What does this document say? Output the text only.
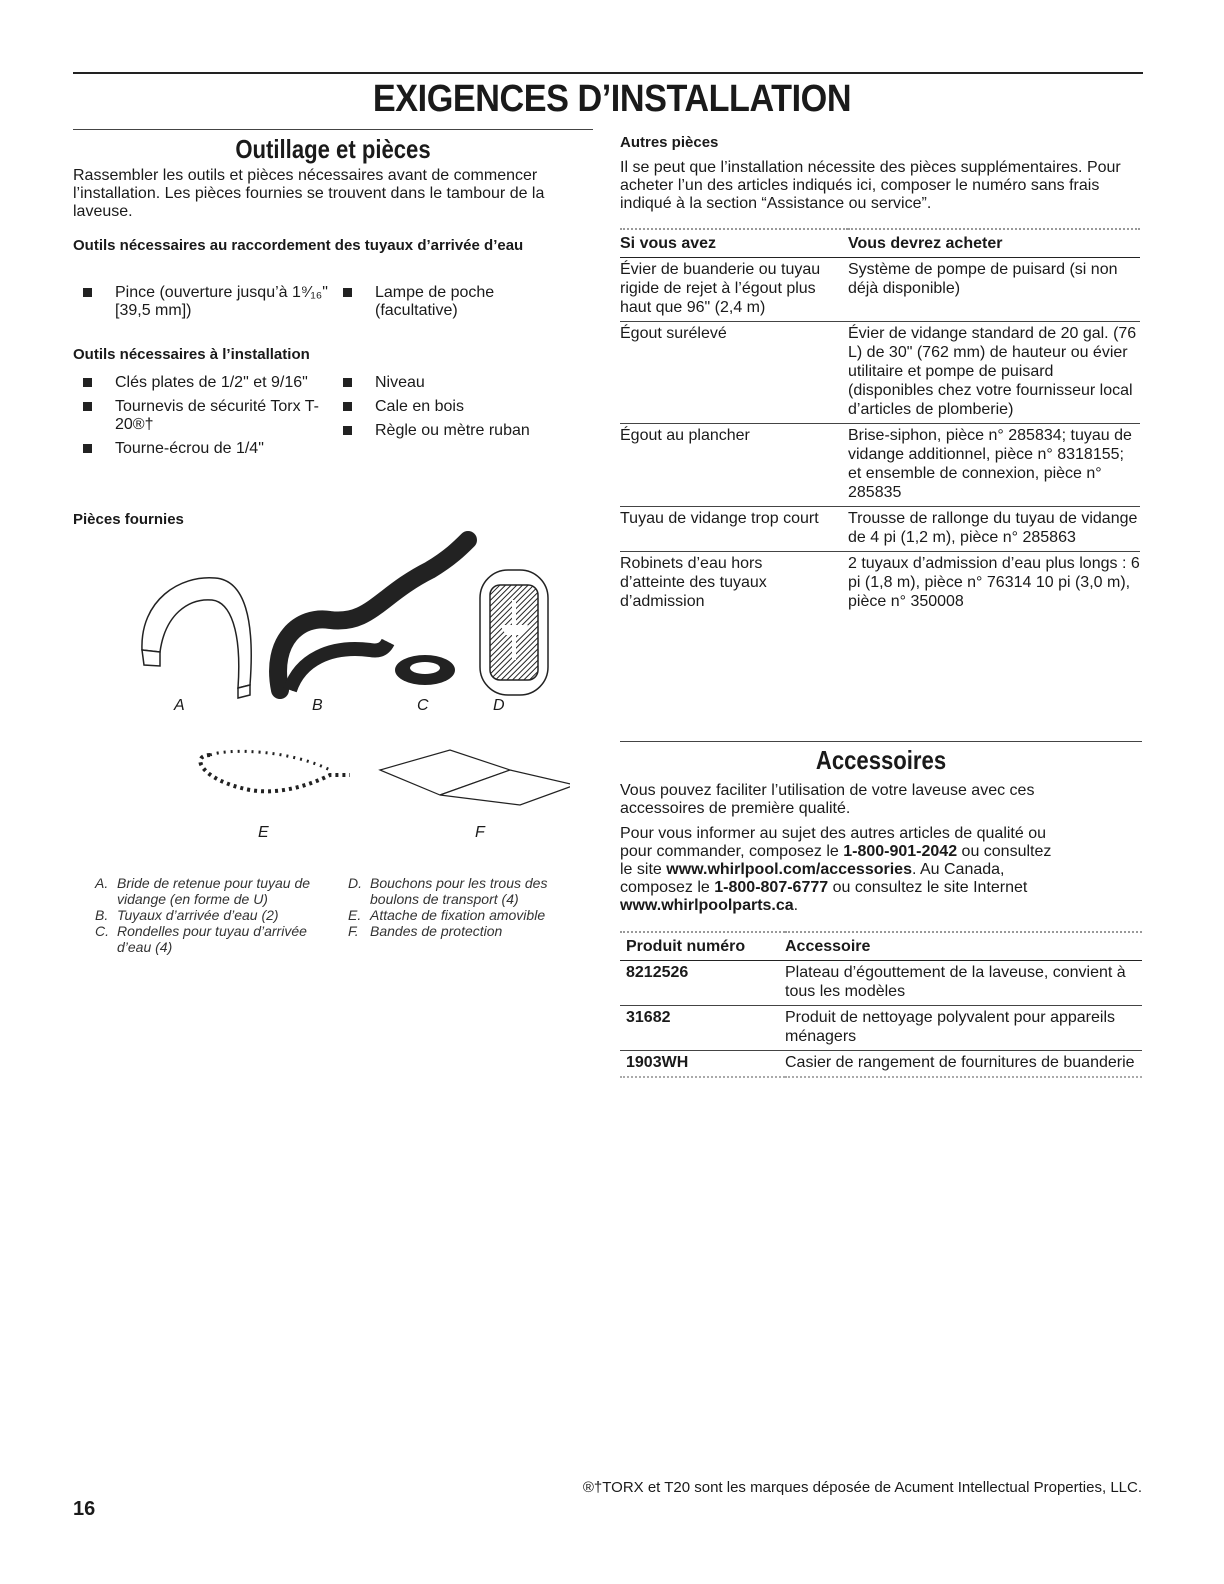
EXIGENCES D’INSTALLATION
Outillage et pièces
Rassembler les outils et pièces nécessaires avant de commencer l’installation. Les pièces fournies se trouvent dans le tambour de la laveuse.
Outils nécessaires au raccordement des tuyaux d’arrivée d’eau
Pince (ouverture jusqu’à 1⁹⁄₁₆" [39,5 mm])
Lampe de poche (facultative)
Outils nécessaires à l’installation
Clés plates de 1/2" et 9/16"
Tournevis de sécurité Torx T-20®†
Tourne-écrou de 1/4"
Niveau
Cale en bois
Règle ou mètre ruban
Pièces fournies
A	B	C	D
E	F
A. Bride de retenue pour tuyau de vidange (en forme de U)
B. Tuyaux d’arrivée d’eau (2)
C. Rondelles pour tuyau d’arrivée d’eau (4)
D. Bouchons pour les trous des boulons de transport (4)
E. Attache de fixation amovible
F. Bandes de protection
Autres pièces
Il se peut que l’installation nécessite des pièces supplémentaires. Pour acheter l’un des articles indiqués ici, composer le numéro sans frais indiqué à la section “Assistance ou service”.
Si vous avez	Vous devrez acheter
Évier de buanderie ou tuyau rigide de rejet à l’égout plus haut que 96" (2,4 m)	Système de pompe de puisard (si non déjà disponible)
Égout surélevé	Évier de vidange standard de 20 gal. (76 L) de 30" (762 mm) de hauteur ou évier utilitaire et pompe de puisard (disponibles chez votre fournisseur local d’articles de plomberie)
Égout au plancher	Brise-siphon, pièce n° 285834; tuyau de vidange additionnel, pièce n° 8318155; et ensemble de connexion, pièce n° 285835
Tuyau de vidange trop court	Trousse de rallonge du tuyau de vidange de 4 pi (1,2 m), pièce n° 285863
Robinets d’eau hors d’atteinte des tuyaux d’admission	2 tuyaux d’admission d’eau plus longs : 6 pi (1,8 m), pièce n° 76314 10 pi (3,0 m), pièce n° 350008
Accessoires
Vous pouvez faciliter l’utilisation de votre laveuse avec ces accessoires de première qualité.
Pour vous informer au sujet des autres articles de qualité ou pour commander, composez le 1-800-901-2042 ou consultez le site www.whirlpool.com/accessories. Au Canada, composez le 1-800-807-6777 ou consultez le site Internet www.whirlpoolparts.ca.
Produit numéro	Accessoire
8212526	Plateau d’égouttement de la laveuse, convient à tous les modèles
31682	Produit de nettoyage polyvalent pour appareils ménagers
1903WH	Casier de rangement de fournitures de buanderie
®†TORX et T20 sont les marques déposée de Acument Intellectual Properties, LLC.
16
